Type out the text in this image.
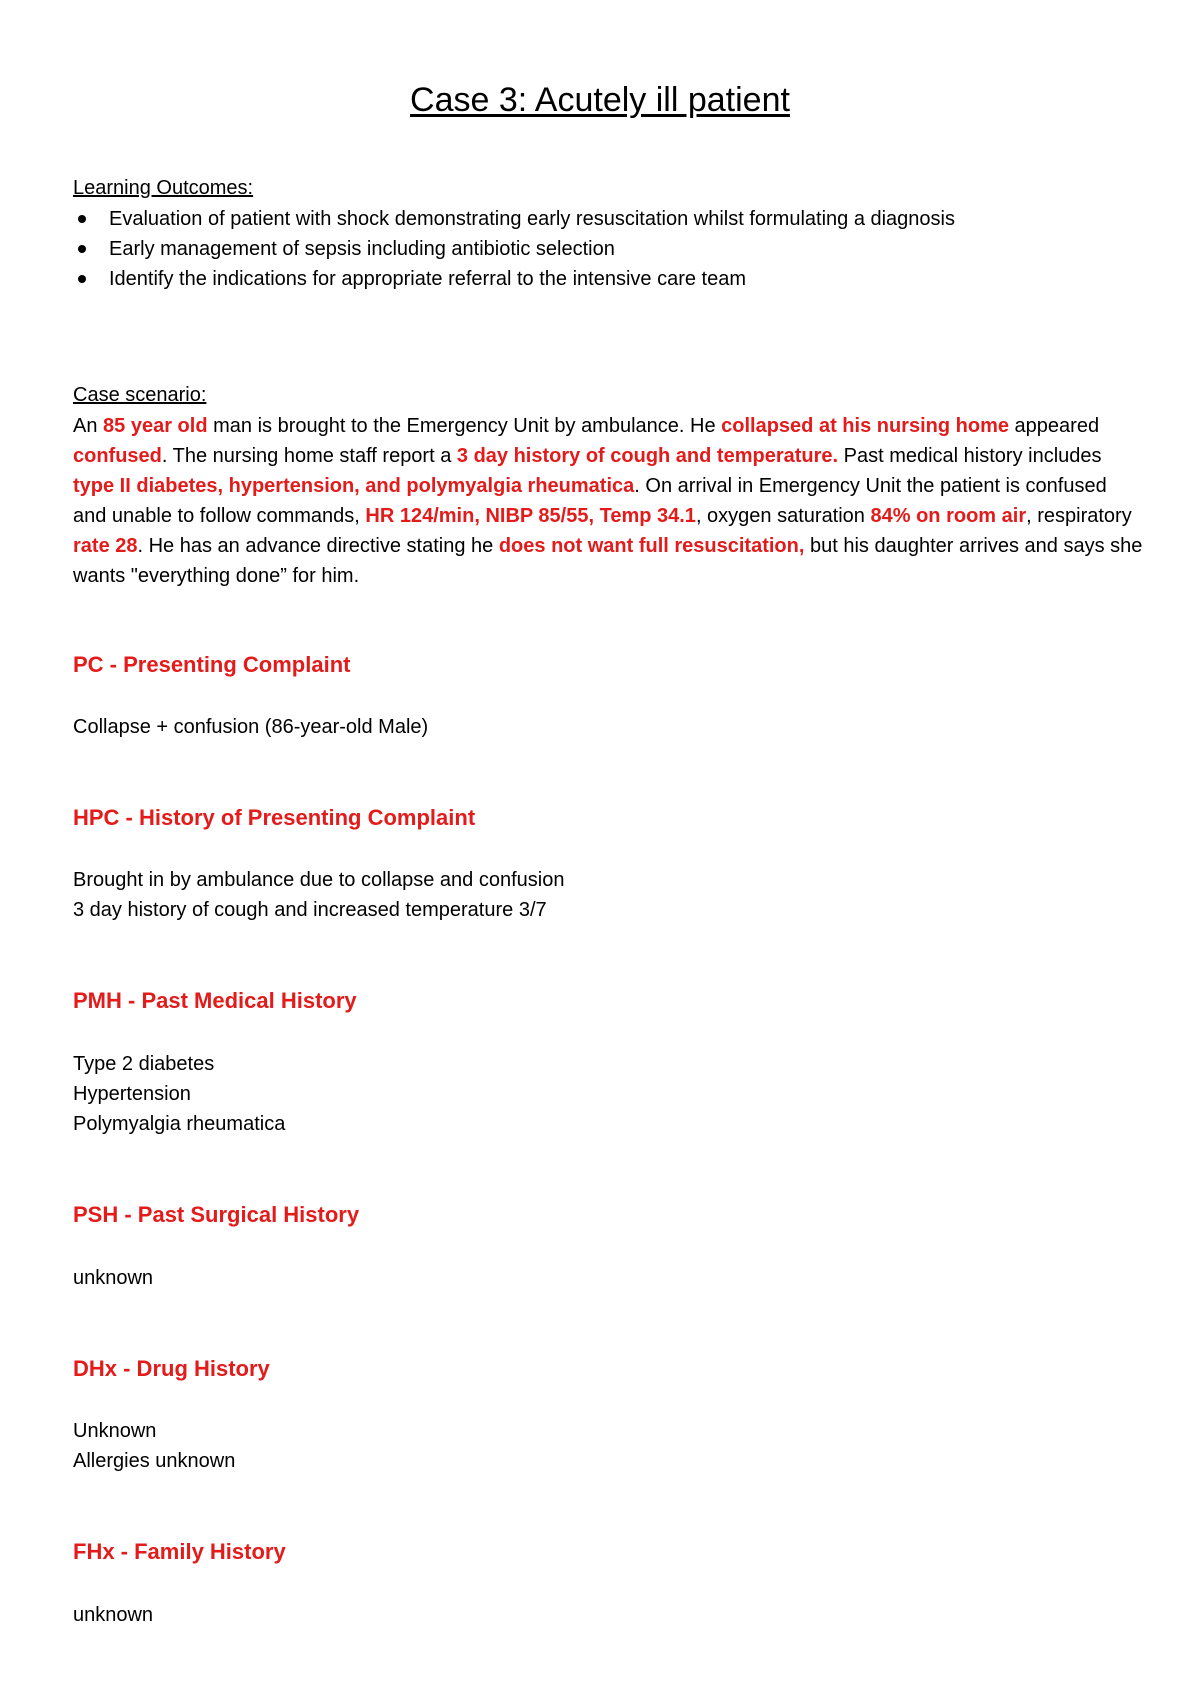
Case 3: Acutely ill patient
Learning Outcomes:
Evaluation of patient with shock demonstrating early resuscitation whilst formulating a diagnosis
Early management of sepsis including antibiotic selection
Identify the indications for appropriate referral to the intensive care team
Case scenario:

An 85 year old man is brought to the Emergency Unit by ambulance. He collapsed at his nursing home appeared confused. The nursing home staff report a 3 day history of cough and temperature. Past medical history includes type II diabetes, hypertension, and polymyalgia rheumatica. On arrival in Emergency Unit the patient is confused and unable to follow commands, HR 124/min, NIBP 85/55, Temp 34.1, oxygen saturation 84% on room air, respiratory rate 28. He has an advance directive stating he does not want full resuscitation, but his daughter arrives and says she wants "everything done” for him.

PC - Presenting Complaint
Collapse + confusion (86-year-old Male)
HPC - History of Presenting Complaint
Brought in by ambulance due to collapse and confusion
3 day history of cough and increased temperature 3/7
PMH - Past Medical History
Type 2 diabetes
Hypertension
Polymyalgia rheumatica
PSH - Past Surgical History
unknown
DHx - Drug History
Unknown
Allergies unknown
FHx - Family History
unknown
